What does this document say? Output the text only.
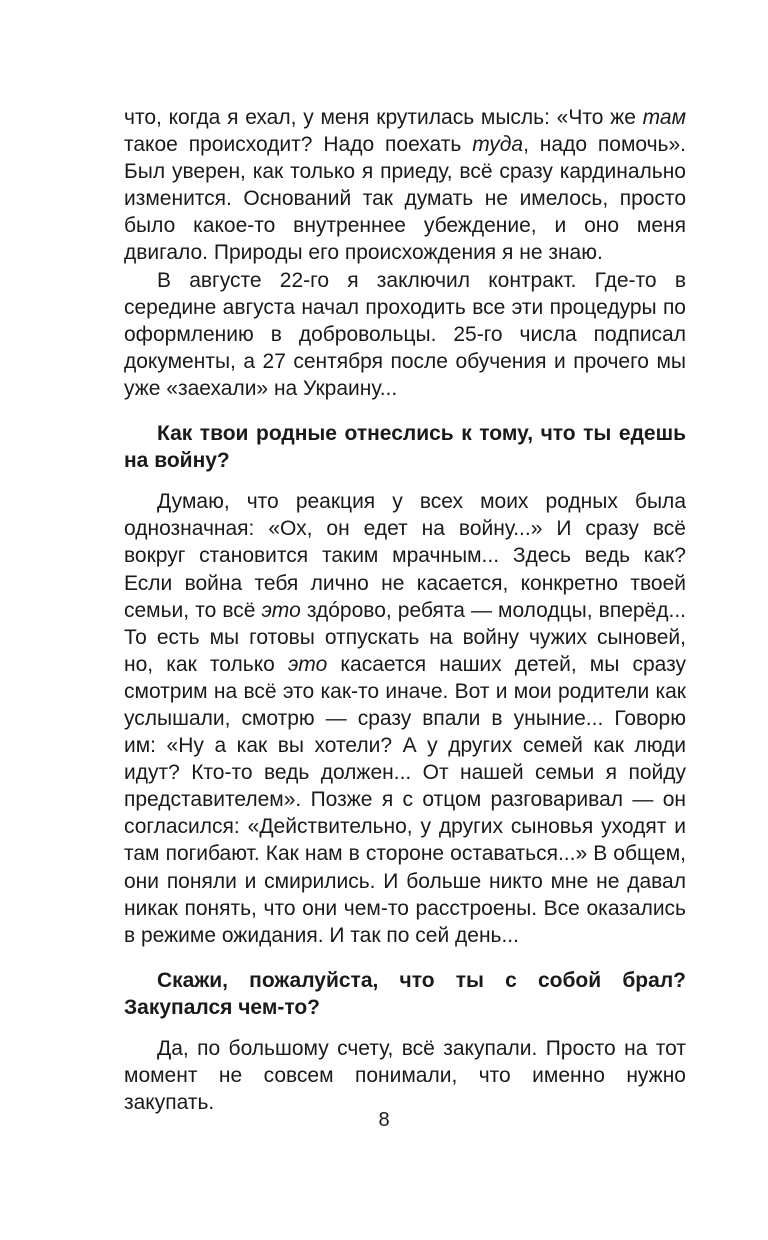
что, когда я ехал, у меня крутилась мысль: «Что же там такое происходит? Надо поехать туда, надо помочь». Был уверен, как только я приеду, всё сразу кардинально изменится. Оснований так думать не имелось, просто было какое-то внутреннее убеждение, и оно меня двигало. Природы его происхождения я не знаю.

В августе 22-го я заключил контракт. Где-то в середине августа начал проходить все эти процедуры по оформлению в добровольцы. 25-го числа подписал документы, а 27 сентября после обучения и прочего мы уже «заехали» на Украину...

Как твои родные отнеслись к тому, что ты едешь на войну?

Думаю, что реакция у всех моих родных была однозначная: «Ох, он едет на войну...» И сразу всё вокруг становится таким мрачным... Здесь ведь как? Если война тебя лично не касается, конкретно твоей семьи, то всё это здóрово, ребята — молодцы, вперёд... То есть мы готовы отпускать на войну чужих сыновей, но, как только это касается наших детей, мы сразу смотрим на всё это как-то иначе. Вот и мои родители как услышали, смотрю — сразу впали в уныние... Говорю им: «Ну а как вы хотели? А у других семей как люди идут? Кто-то ведь должен... От нашей семьи я пойду представителем». Позже я с отцом разговаривал — он согласился: «Действительно, у других сыновья уходят и там погибают. Как нам в стороне оставаться...» В общем, они поняли и смирились. И больше никто мне не давал никак понять, что они чем-то расстроены. Все оказались в режиме ожидания. И так по сей день...

Скажи, пожалуйста, что ты с собой брал? Закупался чем-то?

Да, по большому счету, всё закупали. Просто на тот момент не совсем понимали, что именно нужно закупать.

8
